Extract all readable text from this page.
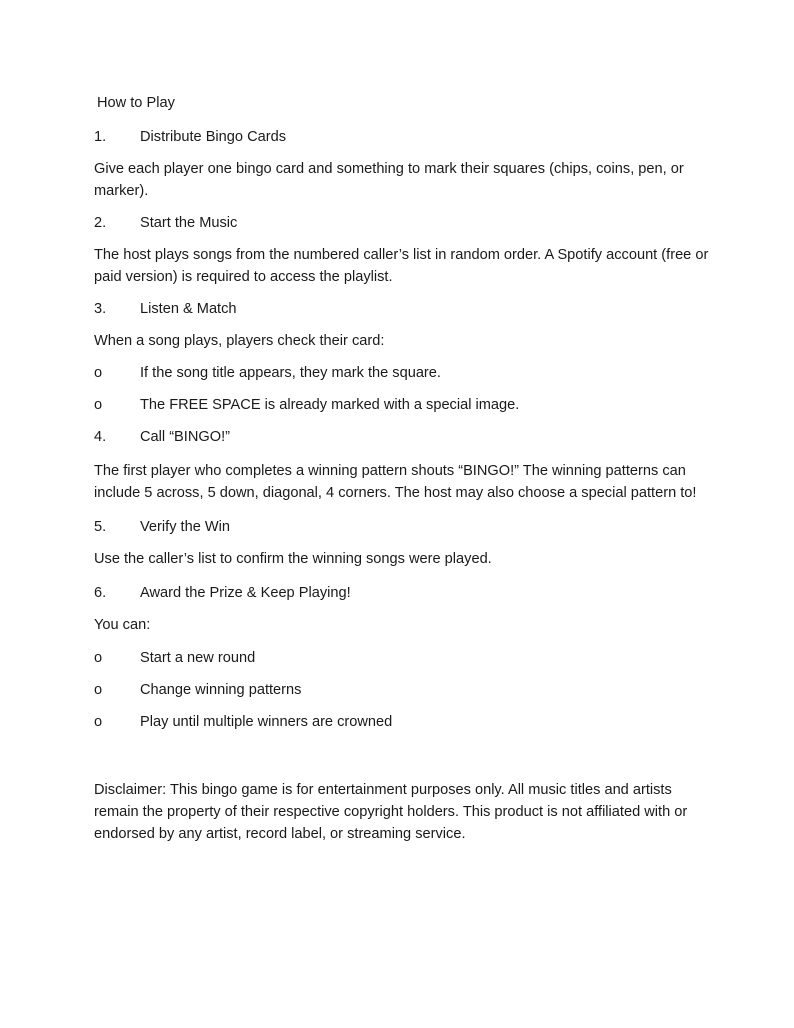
How to Play
1.	Distribute Bingo Cards

Give each player one bingo card and something to mark their squares (chips, coins, pen, or marker).

2.	Start the Music

The host plays songs from the numbered caller’s list in random order. A Spotify account (free or paid version) is required to access the playlist.

3.	Listen & Match

When a song plays, players check their card:

o	If the song title appears, they mark the square.
o	The FREE SPACE is already marked with a special image.
4.	Call “BINGO!”

The first player who completes a winning pattern shouts “BINGO!” The winning patterns can include 5 across, 5 down, diagonal, 4 corners. The host may also choose a special pattern to!

5.	Verify the Win

Use the caller’s list to confirm the winning songs were played.

6.	Award the Prize & Keep Playing!

You can:

o	Start a new round
o	Change winning patterns
o	Play until multiple winners are crowned

Disclaimer: This bingo game is for entertainment purposes only. All music titles and artists remain the property of their respective copyright holders. This product is not affiliated with or endorsed by any artist, record label, or streaming service.
